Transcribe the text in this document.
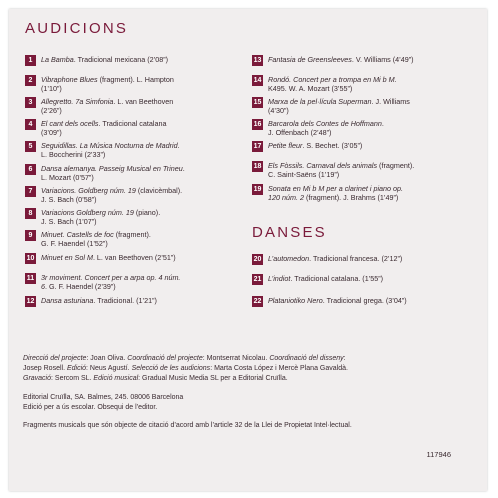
AUDICIONS
1	La Bamba. Tradicional mexicana (2’08”)
2	Vibraphone Blues (fragment). L. Hampton
(1’10”)
3	Allegretto. 7a Simfonia. L. van Beethoven
(2’26”)
4	El cant dels ocells. Tradicional catalana
(3’09”)
5	Seguidillas. La Música Nocturna de Madrid.
L. Boccherini (2’33”)
6	Dansa alemanya. Passeig Musical en Trineu.
L. Mozart (0’57”)
7	Variacions. Goldberg núm. 19 (clavicèmbal).
J. S. Bach (0’58”)
8	Variacions Goldberg núm. 19 (piano).
J. S. Bach (1’07”)
9	Minuet. Castells de foc (fragment).
G. F. Haendel (1’52”)
10 Minuet en Sol M. L. van Beethoven (2’51”)
11 3r moviment. Concert per a arpa op. 4 núm.
6. G. F. Haendel (2’39”)
12 Dansa asturiana. Tradicional. (1’21”)
13 Fantasia de Greensleeves. V. Williams (4’49”)
14 Rondó. Concert per a trompa en Mi b M.
K495. W. A. Mozart (3’55”)
15 Marxa de la pel·lícula Superman. J. Williams
(4’30”)
16 Barcarola dels Contes de Hoffmann.
J. Offenbach (2’48”)
17 Petite fleur. S. Bechet. (3’05”)
18 Els Fòssils. Carnaval dels animals (fragment).
C. Saint-Saëns (1’19”)
19 Sonata en Mi b M per a clarinet i piano op.
120 núm. 2 (fragment). J. Brahms (1’49”)
DANSES
20 L’automedon. Tradicional francesa. (2’12”)
21 L’indiot. Tradicional catalana. (1’55”)
22 Plataniotiko Nero. Tradicional grega. (3’04”)

Direcció del projecte: Joan Oliva. Coordinació del projecte: Montserrat Nicolau. Coordinació del disseny:

Josep Rosell. Edició: Neus Agustí. Selecció de les audicions: Marta Costa López i Mercè Plana Gavaldà.

Gravació: Sercom SL. Edició musical: Gradual Music Media SL per a Editorial Cruïlla.

Editorial Cruïlla, SA. Balmes, 245. 08006 Barcelona

Edició per a ús escolar. Obsequi de l’editor.

Fragments musicals que són objecte de citació d’acord amb l’article 32 de la Llei de Propietat Intel·lectual.

117946
